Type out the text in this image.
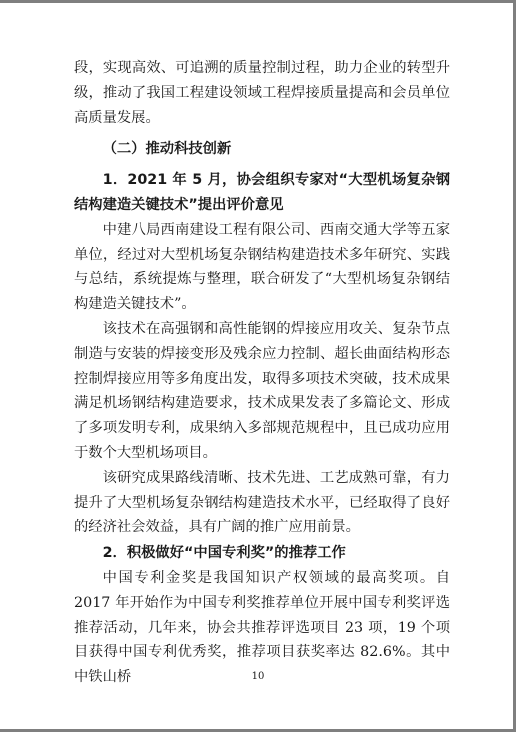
段，实现高效、可追溯的质量控制过程，助力企业的转型升级，推动了我国工程建设领域工程焊接质量提高和会员单位高质量发展。

（二）推动科技创新

1．2021 年 5 月，协会组织专家对“大型机场复杂钢结构建造关键技术”提出评价意见

中建八局西南建设工程有限公司、西南交通大学等五家单位，经过对大型机场复杂钢结构建造技术多年研究、实践与总结，系统提炼与整理，联合研发了“大型机场复杂钢结构建造关键技术”。

该技术在高强钢和高性能钢的焊接应用攻关、复杂节点制造与安装的焊接变形及残余应力控制、超长曲面结构形态控制焊接应用等多角度出发，取得多项技术突破，技术成果满足机场钢结构建造要求，技术成果发表了多篇论文、形成了多项发明专利，成果纳入多部规范规程中，且已成功应用于数个大型机场项目。

该研究成果路线清晰、技术先进、工艺成熟可靠，有力提升了大型机场复杂钢结构建造技术水平，已经取得了良好的经济社会效益，具有广阔的推广应用前景。

2．积极做好“中国专利奖”的推荐工作

中国专利金奖是我国知识产权领域的最高奖项。自 2017 年开始作为中国专利奖推荐单位开展中国专利奖评选推荐活动，几年来，协会共推荐评选项目 23 项，19 个项目获得中国专利优秀奖，推荐项目获奖率达 82.6%。其中中铁山桥	10
